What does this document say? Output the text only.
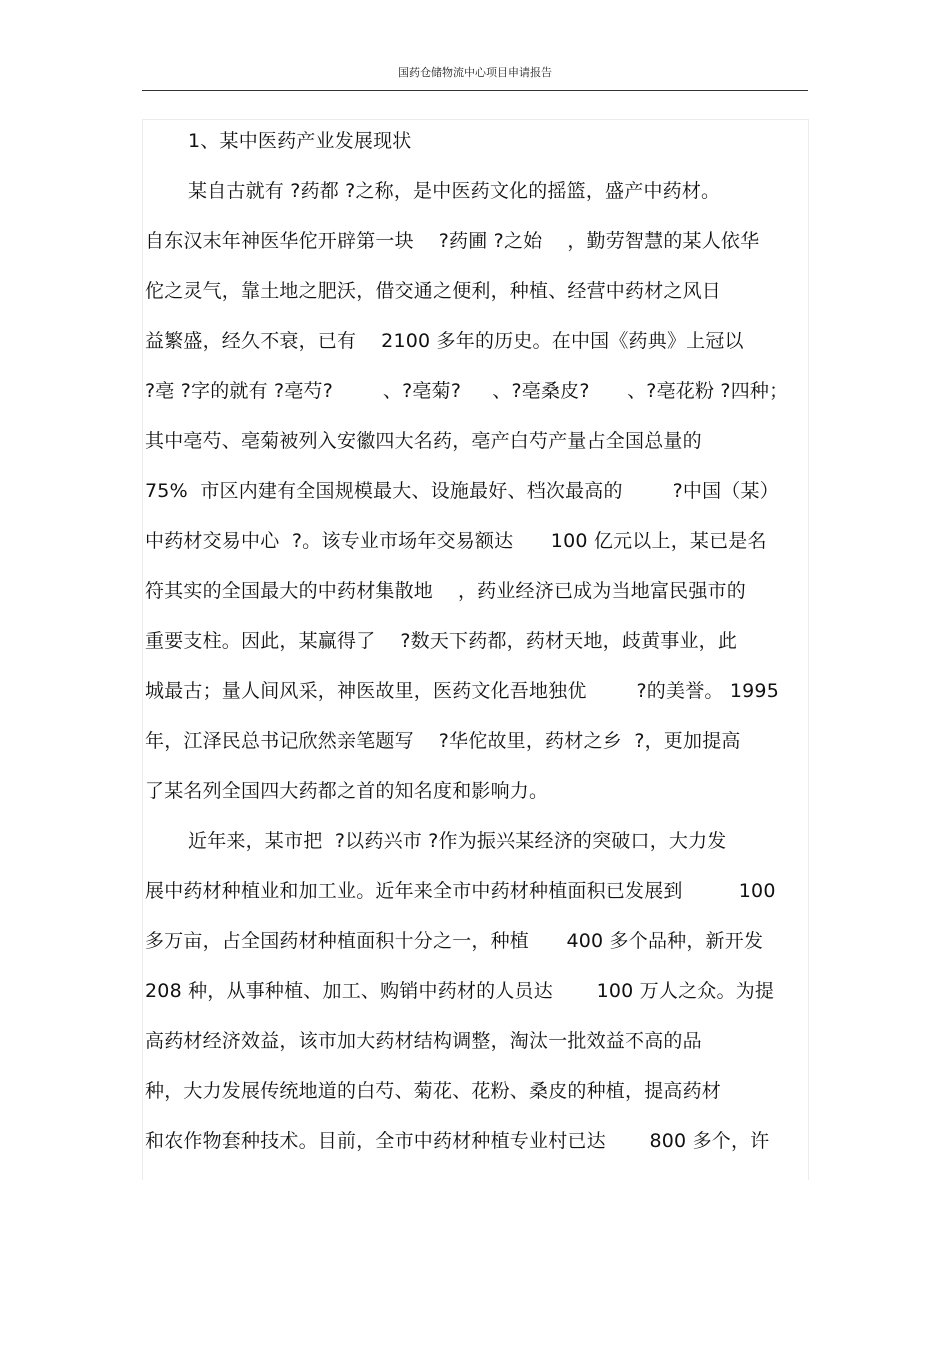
国药仓储物流中心项目申请报告
1、某中医药产业发展现状
某自古就有 ?药都 ?之称，是中医药文化的摇篮，盛产中药材。
自东汉末年神医华佗开辟第一块    ?药圃 ?之始    ，勤劳智慧的某人依华
佗之灵气，靠土地之肥沃，借交通之便利，种植、经营中药材之风日
益繁盛，经久不衰，已有    2100 多年的历史。在中国《药典》上冠以
?亳 ?字的就有 ?亳芍?        、?亳菊?     、?亳桑皮?      、?亳花粉 ?四种；
其中亳芍、亳菊被列入安徽四大名药，亳产白芍产量占全国总量的
75%  市区内建有全国规模最大、设施最好、档次最高的        ?中国（某）
中药材交易中心  ?。该专业市场年交易额达      100 亿元以上，某已是名
符其实的全国最大的中药材集散地    ，药业经济已成为当地富民强市的
重要支柱。因此，某赢得了    ?数天下药都，药材天地，歧黄事业，此
城最古；量人间风采，神医故里，医药文化吾地独优        ?的美誉。 1995
年，江泽民总书记欣然亲笔题写    ?华佗故里，药材之乡  ?，更加提高
了某名列全国四大药都之首的知名度和影响力。
近年来，某市把  ?以药兴市 ?作为振兴某经济的突破口，大力发
展中药材种植业和加工业。近年来全市中药材种植面积已发展到         100
多万亩，占全国药材种植面积十分之一，种植      400 多个品种，新开发
208 种，从事种植、加工、购销中药材的人员达       100 万人之众。为提
高药材经济效益，该市加大药材结构调整，淘汰一批效益不高的品
种，大力发展传统地道的白芍、菊花、花粉、桑皮的种植，提高药材
和农作物套种技术。目前，全市中药材种植专业村已达       800 多个，许
